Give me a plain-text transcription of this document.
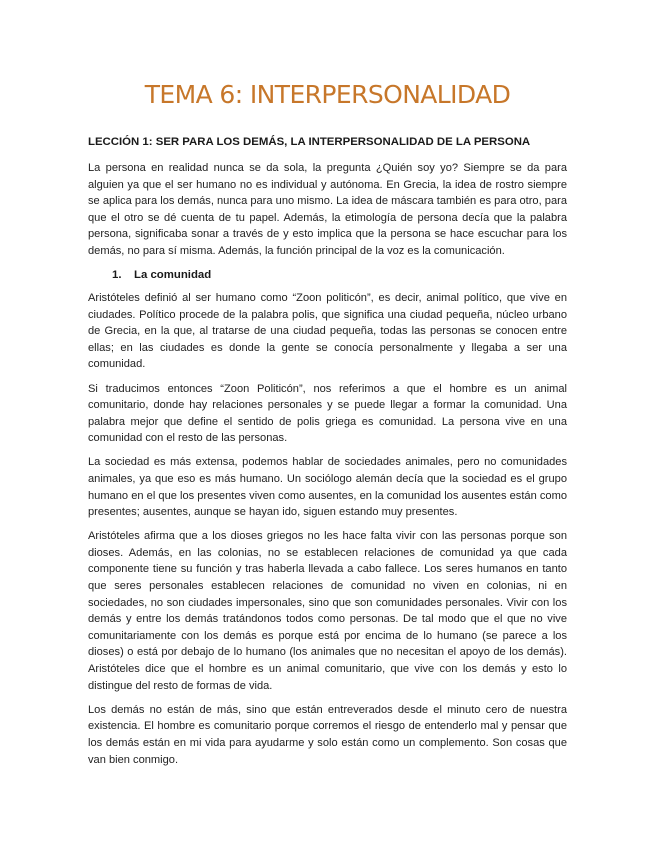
TEMA 6: INTERPERSONALIDAD
LECCIÓN 1: SER PARA LOS DEMÁS, LA INTERPERSONALIDAD DE LA PERSONA

La persona en realidad nunca se da sola, la pregunta ¿Quién soy yo? Siempre se da para alguien ya que el ser humano no es individual y autónoma. En Grecia, la idea de rostro siempre se aplica para los demás, nunca para uno mismo. La idea de máscara también es para otro, para que el otro se dé cuenta de tu papel. Además, la etimología de persona decía que la palabra persona, significaba sonar a través de y esto implica que la persona se hace escuchar para los demás, no para sí misma. Además, la función principal de la voz es la comunicación.

1. La comunidad

Aristóteles definió al ser humano como “Zoon politicón”, es decir, animal político, que vive en ciudades. Político procede de la palabra polis, que significa una ciudad pequeña, núcleo urbano de Grecia, en la que, al tratarse de una ciudad pequeña, todas las personas se conocen entre ellas; en las ciudades es donde la gente se conocía personalmente y llegaba a ser una comunidad.

Si traducimos entonces “Zoon Politicón”, nos referimos a que el hombre es un animal comunitario, donde hay relaciones personales y se puede llegar a formar la comunidad. Una palabra mejor que define el sentido de polis griega es comunidad. La persona vive en una comunidad con el resto de las personas.

La sociedad es más extensa, podemos hablar de sociedades animales, pero no comunidades animales, ya que eso es más humano. Un sociólogo alemán decía que la sociedad es el grupo humano en el que los presentes viven como ausentes, en la comunidad los ausentes están como presentes; ausentes, aunque se hayan ido, siguen estando muy presentes.

Aristóteles afirma que a los dioses griegos no les hace falta vivir con las personas porque son dioses. Además, en las colonias, no se establecen relaciones de comunidad ya que cada componente tiene su función y tras haberla llevada a cabo fallece. Los seres humanos en tanto que seres personales establecen relaciones de comunidad no viven en colonias, ni en sociedades, no son ciudades impersonales, sino que son comunidades personales. Vivir con los demás y entre los demás tratándonos todos como personas. De tal modo que el que no vive comunitariamente con los demás es porque está por encima de lo humano (se parece a los dioses) o está por debajo de lo humano (los animales que no necesitan el apoyo de los demás). Aristóteles dice que el hombre es un animal comunitario, que vive con los demás y esto lo distingue del resto de formas de vida.

Los demás no están de más, sino que están entreverados desde el minuto cero de nuestra existencia. El hombre es comunitario porque corremos el riesgo de entenderlo mal y pensar que los demás están en mi vida para ayudarme y solo están como un complemento. Son cosas que van bien conmigo.
